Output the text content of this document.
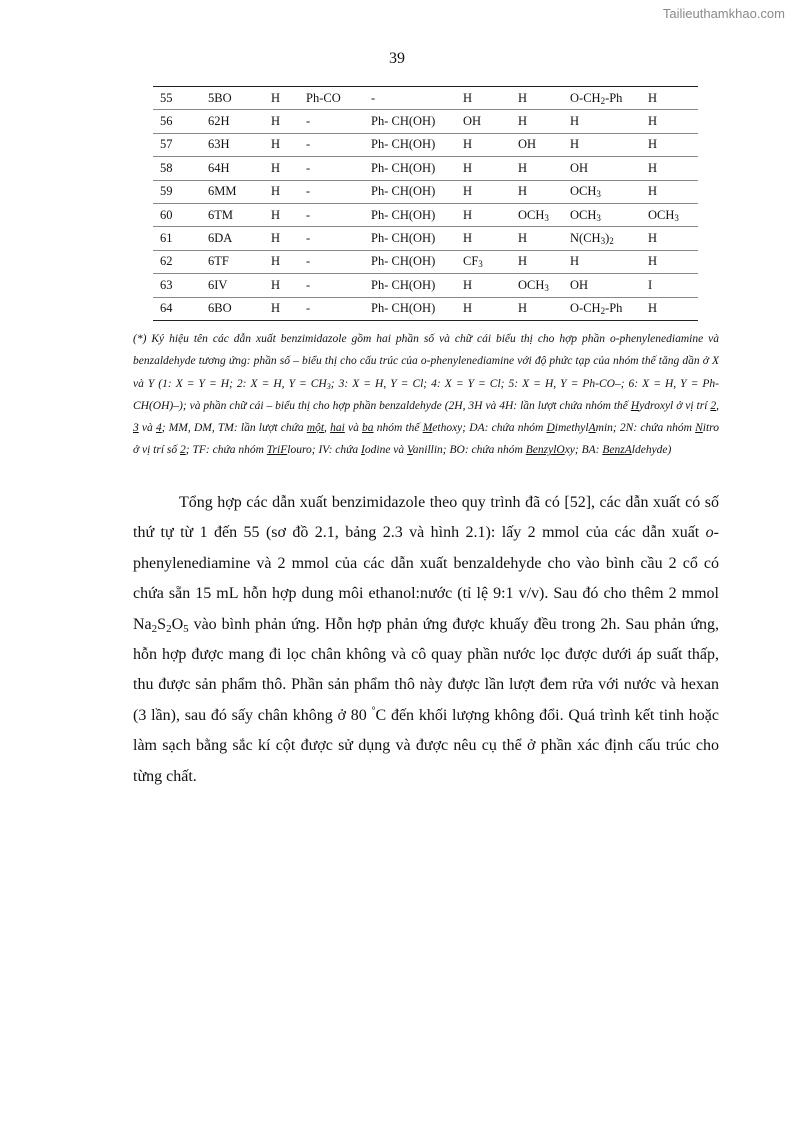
Tailieuthamkhao.com
39
55	5BO	H	Ph-CO	-	H	H	$O-CH_2-Ph$	H
56	62H	H	-	Ph- CH(OH)	OH	H	H	H
57	63H	H	-	Ph- CH(OH)	H	OH	H	H
58	64H	H	-	Ph- CH(OH)	H	H	OH	H
59	6MM	H	-	Ph- CH(OH)	H	H	$OCH_3$	H
60	6TM	H	-	Ph- CH(OH)	H	$OCH_3$	$OCH_3$	$OCH_3$
61	6DA	H	-	Ph- CH(OH)	H	H	$N(CH_3)_2$	H
62	6TF	H	-	Ph- CH(OH)	$CF_3$	H	H	H
63	6IV	H	-	Ph- CH(OH)	H	$OCH_3$	OH	I
64	6BO	H	-	Ph- CH(OH)	H	H	$O-CH_2-Ph$	H

(*) Ký hiệu tên các dẫn xuất benzimidazole gồm hai phần số và chữ cái biểu thị cho hợp phần o-phenylenediamine và benzaldehyde tương ứng: phần số – biểu thị cho cấu trúc của o-phenylenediamine với độ phức tạp của nhóm thế tăng dần ở X và Y (1: X = Y = H; 2: X = H, $Y = CH_3$; 3: X = H, Y = Cl; 4: X = Y = Cl; 5: X = H, Y = Ph-CO–; 6: X = H, Y = Ph- CH(OH)–); và phần chữ cái – biểu thị cho hợp phần benzaldehyde (2H, 3H và 4H: lần lượt chứa nhóm thế Hydroxyl ở vị trí 2, 3 và 4; MM, DM, TM: lần lượt chứa một, hai và ba nhóm thế Methoxy; DA: chứa nhóm DimethylAmin; 2N: chứa nhóm Nitro ở vị trí số 2; TF: chứa nhóm TriFlouro; IV: chứa Iodine và Vanillin; BO: chứa nhóm BenzylOxy; BA: BenzAldehyde)

Tổng hợp các dẫn xuất benzimidazole theo quy trình đã có [52], các dẫn xuất có số thứ tự từ 1 đến 55 (sơ đồ 2.1, bảng 2.3 và hình 2.1): lấy 2 mmol của các dẫn xuất o-phenylenediamine và 2 mmol của các dẫn xuất benzaldehyde cho vào bình cầu 2 cổ có chứa sẵn 15 mL hỗn hợp dung môi ethanol:nước (tỉ lệ 9:1 v/v). Sau đó cho thêm 2 mmol $Na_2S_2O_5$ vào bình phản ứng. Hỗn hợp phản ứng được khuấy đều trong 2h. Sau phản ứng, hỗn hợp được mang đi lọc chân không và cô quay phần nước lọc được dưới áp suất thấp, thu được sản phẩm thô. Phần sản phẩm thô này được lần lượt đem rửa với nước và hexan (3 lần), sau đó sấy chân không ở 80 °C đến khối lượng không đổi. Quá trình kết tinh hoặc làm sạch bằng sắc kí cột được sử dụng và được nêu cụ thể ở phần xác định cấu trúc cho từng chất.
